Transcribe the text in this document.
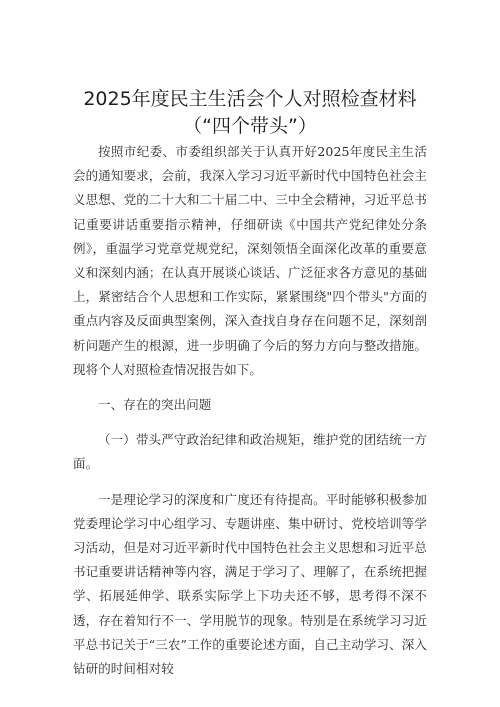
2025年度民主生活会个人对照检查材料（“四个带头”）

按照市纪委、市委组织部关于认真开好2025年度民主生活会的通知要求，会前，我深入学习习近平新时代中国特色社会主义思想、党的二十大和二十届二中、三中全会精神，习近平总书记重要讲话重要指示精神，仔细研读《中国共产党纪律处分条例》，重温学习党章党规党纪，深刻领悟全面深化改革的重要意义和深刻内涵；在认真开展谈心谈话、广泛征求各方意见的基础上，紧密结合个人思想和工作实际，紧紧围绕"四个带头"方面的重点内容及反面典型案例，深入查找自身存在问题不足，深刻剖析问题产生的根源，进一步明确了今后的努力方向与整改措施。现将个人对照检查情况报告如下。

一、存在的突出问题

（一）带头严守政治纪律和政治规矩，维护党的团结统一方面。

一是理论学习的深度和广度还有待提高。平时能够积极参加党委理论学习中心组学习、专题讲座、集中研讨、党校培训等学习活动，但是对习近平新时代中国特色社会主义思想和习近平总书记重要讲话精神等内容，满足于学习了、理解了，在系统把握学、拓展延伸学、联系实际学上下功夫还不够，思考得不深不透，存在着知行不一、学用脱节的现象。特别是在系统学习习近平总书记关于“三农”工作的重要论述方面，自己主动学习、深入钻研的时间相对较
